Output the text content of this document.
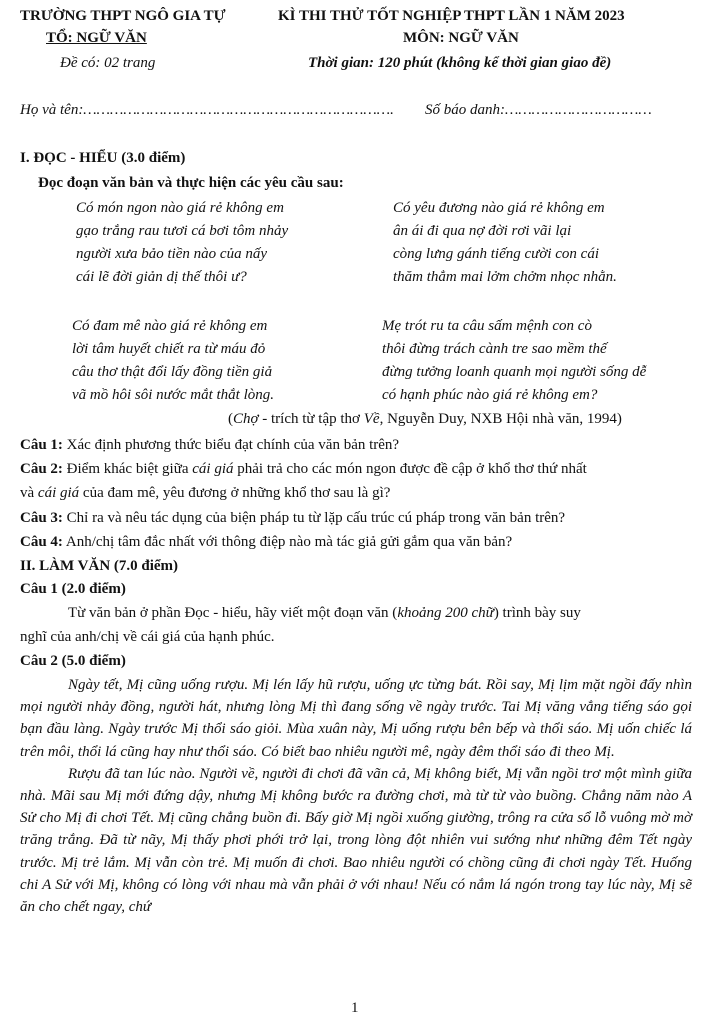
TRƯỜNG THPT NGÔ GIA TỰ
TỔ: NGỮ VĂN
Đề có: 02 trang
KÌ THI THỬ TỐT NGHIỆP THPT LẦN 1 NĂM 2023
MÔN: NGỮ VĂN
Thời gian: 120 phút (không kể thời gian giao đề)
Họ và tên:……………………………………………………………. Số báo danh:……………………………
I. ĐỌC - HIỂU (3.0 điểm)
Đọc đoạn văn bản và thực hiện các yêu cầu sau:
Có món ngon nào giá rẻ không em
gạo trắng rau tươi cá bơi tôm nhảy
người xưa bảo tiền nào của nấy
cái lẽ đời giản dị thế thôi ư?
Có yêu đương nào giá rẻ không em
ân ái đi qua nợ đời rơi vãi lại
còng lưng gánh tiếng cười con cái
thăm thẳm mai lởm chởm nhọc nhằn.
Có đam mê nào giá rẻ không em
lời tâm huyết chiết ra từ máu đỏ
câu thơ thật đổi lấy đồng tiền giả
vã mồ hôi sôi nước mắt thắt lòng.
Mẹ trót ru ta câu sấm mệnh con cò
thôi đừng trách cành tre sao mềm thế
đừng tưởng loanh quanh mọi người sống dễ
có hạnh phúc nào giá rẻ không em?
(Chợ - trích từ tập thơ Về, Nguyễn Duy, NXB Hội nhà văn, 1994)
Câu 1: Xác định phương thức biểu đạt chính của văn bản trên?
Câu 2: Điểm khác biệt giữa cái giá phải trả cho các món ngon được đề cập ở khổ thơ thứ nhất
và cái giá của đam mê, yêu đương ở những khổ thơ sau là gì?
Câu 3: Chỉ ra và nêu tác dụng của biện pháp tu từ lặp cấu trúc cú pháp trong văn bản trên?
Câu 4: Anh/chị tâm đắc nhất với thông điệp nào mà tác giả gửi gắm qua văn bản?
II. LÀM VĂN (7.0 điểm)
Câu 1 (2.0 điểm)
Từ văn bản ở phần Đọc - hiểu, hãy viết một đoạn văn (khoảng 200 chữ) trình bày suy
nghĩ của anh/chị về cái giá của hạnh phúc.
Câu 2 (5.0 điểm)

Ngày tết, Mị cũng uống rượu. Mị lén lấy hũ rượu, uống ực từng bát. Rồi say, Mị lịm mặt ngồi đấy nhìn mọi người nhảy đồng, người hát, nhưng lòng Mị thì đang sống về ngày trước. Tai Mị văng vẳng tiếng sáo gọi bạn đầu làng. Ngày trước Mị thổi sáo giỏi. Mùa xuân này, Mị uống rượu bên bếp và thổi sáo. Mị uốn chiếc lá trên môi, thổi lá cũng hay như thổi sáo. Có biết bao nhiêu người mê, ngày đêm thổi sáo đi theo Mị.

Rượu đã tan lúc nào. Người về, người đi chơi đã vãn cả, Mị không biết, Mị vẫn ngồi trơ một mình giữa nhà. Mãi sau Mị mới đứng dậy, nhưng Mị không bước ra đường chơi, mà từ từ vào buồng. Chẳng năm nào A Sử cho Mị đi chơi Tết. Mị cũng chẳng buồn đi. Bấy giờ Mị ngồi xuống giường, trông ra cửa sổ lỗ vuông mờ mờ trăng trắng. Đã từ nãy, Mị thấy phơi phới trở lại, trong lòng đột nhiên vui sướng như những đêm Tết ngày trước. Mị trẻ lắm. Mị vẫn còn trẻ. Mị muốn đi chơi. Bao nhiêu người có chồng cũng đi chơi ngày Tết. Huống chi A Sử với Mị, không có lòng với nhau mà vẫn phải ở với nhau! Nếu có nắm lá ngón trong tay lúc này, Mị sẽ ăn cho chết ngay, chứ

1
